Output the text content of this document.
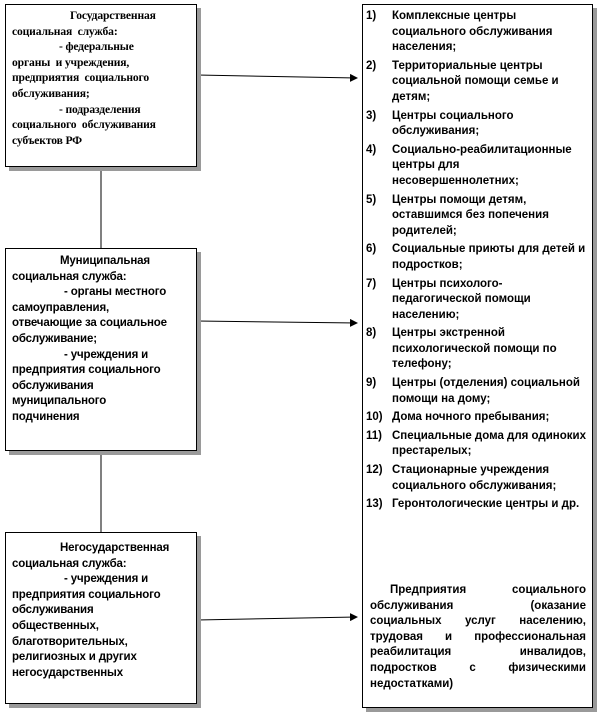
Государственная
социальная  служба:
- федеральные
органы  и учреждения,
предприятия  социального
обслуживания;
- подразделения
социального  обслуживания
субъектов РФ
Муниципальная
социальная служба:
- органы местного
самоуправления,
отвечающие за социальное
обслуживание;
- учреждения и
предприятия социального
обслуживания
муниципального
подчинения
Негосударственная
социальная служба:
- учреждения и
предприятия социального
обслуживания
общественных,
благотворительных,
религиозных и других
негосударственных
1) Комплексные центры социального обслуживания населения;
2) Территориальные центры социальной помощи семье и детям;
3) Центры социального обслуживания;
4) Социально-реабилитационные центры для несовершеннолетних;
5) Центры помощи детям, оставшимся без попечения родителей;
6) Социальные приюты для детей и подростков;
7) Центры психолого-педагогической помощи населению;
8) Центры экстренной психологической помощи по телефону;
9) Центры (отделения) социальной помощи на дому;
10) Дома ночного пребывания;
11) Специальные дома для одиноких престарелых;
12) Стационарные учреждения социального обслуживания;
13) Геронтологические центры и др.
Предприятия социального обслуживания (оказание социальных услуг населению, трудовая и профессиональная реабилитация инвалидов, подростков с физическими недостатками)
